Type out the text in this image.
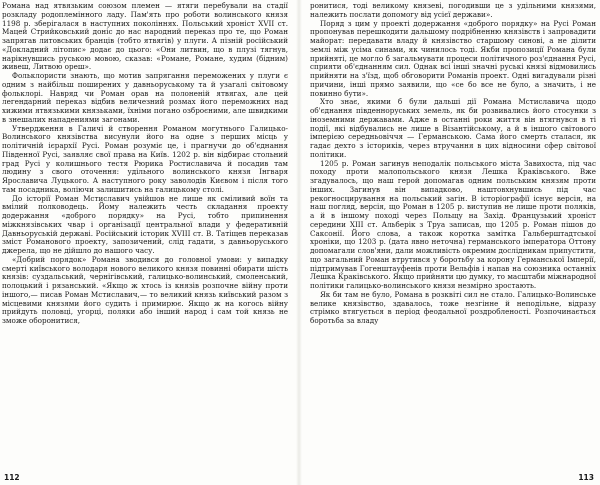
Романа над ятвязьким союзом племен — ятяги перебували на стадії розкладу родоплемінного ладу. Пам'ять про роботи волинського князя 1198 р. зберігалася в наступних поколіннях. Польський хроніст XVII ст. Мацей Стрийковський доніс до нас народний переказ про те, що Роман запрягав литовських бранців (тобто ятвягів) у плуги. А пізній російський «Докладний літопис» додає до цього: «Они литвин, що в плузі тягнув, нарікнувшись руською мовою, сказав: «Романе, Романе, худим (бідним) живеш, Литвою ореш».

Фольклористи знають, що мотив запрягання переможених у плуги є одним з найбільш поширених у давньоруському та й узагалі світовому фольклорі. Навряд чи Роман орав на полоненій ятвягах, але цей легендарний переказ відбив величезний розмах його переможних над хижими ятвязькими князьками, їхніми погано озброєними, але швидкими в знешалих нападениями загонами.

Утвердження в Галичі й створення Романом могутнього Галицько-Волинського князівства висунули його на одне з перших місць у політичній ієрархії Русі. Роман розуміє це, і прагнучи до об'єднання Південної Русі, заявляє свої права на Київ. 1202 р. він відбирає стольний град Русі у колишнього тестя Рюрика Ростиславича й посадив там людину з свого оточення: удільного волинського князя Інгваря Ярославича Луцького. А наступного року заволодів Києвом і після того там посадника, воліючи залишитись на галицькому столі.

До історії Роман Мстиславич увійшов не лише як сміливий воїн та вмілий полководець. Йому належить честь складання проекту додержання «доброго порядку» на Русі, тобто припинення міжкнязівських чвар і організації центральної влади у федеративній Давньоруській державі. Російський історик XVIII ст. В. Татіщев переказав зміст Романового проекту, запозичений, слід гадати, з давньоруського джерела, що не дійшло до нашого часу.

«Добрий порядок» Романа зводився до головної умови: у випадку смерті київського володаря нового великого князя повинні обирати шість князів: суздальський, чернігівський, галицько-волинський, смоленський, полоцький і рязанський. «Якщо ж хтось із князів розпочне війну проти іншого,— писав Роман Мстиславич,— то великий князь київський разом з місцевими князями його судить і примирює. Якщо ж на когось війну прийдуть половці, угорці, поляки або інший народ і сам той князь не зможе оборонитися,

112

ронитися, тоді великому князеві, погодивши це з удільними князями, належить послати допомогу від усієї держави».

Поряд з цим у проекті додержання «доброго порядку» на Русі Роман пропонував перешкодити дальшому подрібненню князівств і запровадити майорат: передавати владу й князівство старшому синові, а не ділити землі між усіма синами, як чинилось тоді. Якби пропозиції Романа були прийняті, це могло б загальмувати процеси політичного роз'єднання Русі, сприяти об'єднанням сил. Однак всі інші значні руські князі відмовились прийняти на з'їзд, щоб обговорити Романів проект. Одні вигадували різні причини, інші прямо заявили, що «се бо все не було, а значить, і не повинно бути».

Хто знає, якими б були дальші дії Романа Мстиславича щодо об'єднання південноруських земель, як би розвивались його стосунки з іноземними державами. Адже в останні роки життя він втягнувся в ті події, які відбувались не лише в Візантійському, а й в іншого світового імперією середньовіччя — Германською. Сама його смерть сталася, як гадає дехто з істориків, через втручання в цих відносини сфер світової політики.

1205 р. Роман загинув неподалік польського міста Завихоста, під час походу проти малопольського князя Лешка Краківського. Вже згадувалось, що наш герой допомагав одним польським князям проти інших. Загинув він випадково, наштовхнувшись під час рекогносцирування на польський загін. В історіографії існує версія, на наш погляд, версія, що Роман в 1205 р. виступив не лише проти поляків, а й в іншому поході через Польщу на Захід. Французький хроніст середини XIII ст. Альберік з Труа записав, що 1205 р. Роман пішов до Саксонії. Його слова, а також коротка замітка Гальберштадтської хроніки, що 1203 р. (дата явно неточна) германського імператора Оттону допомагали слов'яни, дали можливість окремим дослідникам припустити, що загальний Роман втрутився у боротьбу за корону Германської Імперії, підтримував Гогенштауфенів проти Вельфів і напав на союзника останніх Лешка Краківського. Якщо прийняти цю думку, то масштаби міжнародної політики галицько-волинського князя незмірно зростають.

Як би там не було, Романа в розквіті сил не стало. Галицько-Волинське велике князівство, здавалось, тоже незгінне й неподільне, відразу стрімко втягується в період феодальної роздробленості. Розпочинається боротьба за владу

113
